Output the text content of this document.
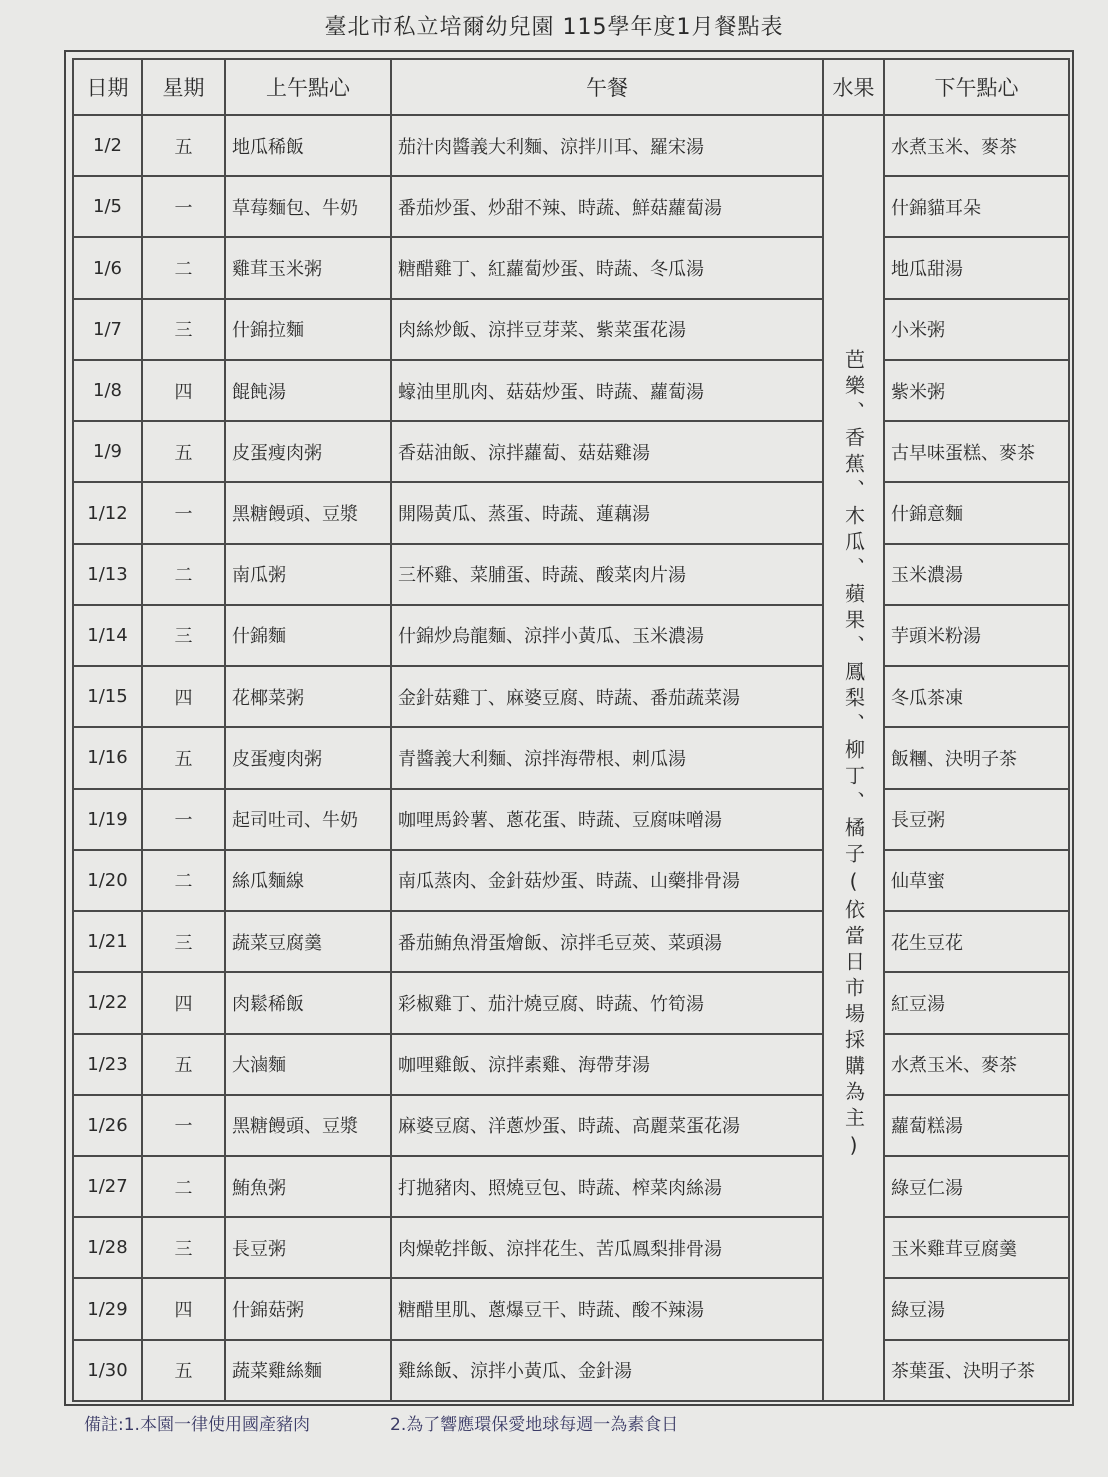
臺北市私立培爾幼兒園 115學年度1月餐點表
日期	星期	上午點心	午餐	水果	下午點心
1/2	五	地瓜稀飯	茄汁肉醬義大利麵、涼拌川耳、羅宋湯	芭樂、香蕉、木瓜、蘋果、鳳梨、柳丁、橘子(依當日市場採購為主)	水煮玉米、麥茶
1/5	一	草莓麵包、牛奶	番茄炒蛋、炒甜不辣、時蔬、鮮菇蘿蔔湯		什錦貓耳朵
1/6	二	雞茸玉米粥	糖醋雞丁、紅蘿蔔炒蛋、時蔬、冬瓜湯		地瓜甜湯
1/7	三	什錦拉麵	肉絲炒飯、涼拌豆芽菜、紫菜蛋花湯		小米粥
1/8	四	餛飩湯	蠔油里肌肉、菇菇炒蛋、時蔬、蘿蔔湯		紫米粥
1/9	五	皮蛋瘦肉粥	香菇油飯、涼拌蘿蔔、菇菇雞湯		古早味蛋糕、麥茶
1/12	一	黑糖饅頭、豆漿	開陽黃瓜、蒸蛋、時蔬、蓮藕湯		什錦意麵
1/13	二	南瓜粥	三杯雞、菜脯蛋、時蔬、酸菜肉片湯		玉米濃湯
1/14	三	什錦麵	什錦炒烏龍麵、涼拌小黃瓜、玉米濃湯		芋頭米粉湯
1/15	四	花椰菜粥	金針菇雞丁、麻婆豆腐、時蔬、番茄蔬菜湯		冬瓜茶凍
1/16	五	皮蛋瘦肉粥	青醬義大利麵、涼拌海帶根、刺瓜湯		飯糰、決明子茶
1/19	一	起司吐司、牛奶	咖哩馬鈴薯、蔥花蛋、時蔬、豆腐味噌湯		長豆粥
1/20	二	絲瓜麵線	南瓜蒸肉、金針菇炒蛋、時蔬、山藥排骨湯		仙草蜜
1/21	三	蔬菜豆腐羹	番茄鮪魚滑蛋燴飯、涼拌毛豆莢、菜頭湯		花生豆花
1/22	四	肉鬆稀飯	彩椒雞丁、茄汁燒豆腐、時蔬、竹筍湯		紅豆湯
1/23	五	大滷麵	咖哩雞飯、涼拌素雞、海帶芽湯		水煮玉米、麥茶
1/26	一	黑糖饅頭、豆漿	麻婆豆腐、洋蔥炒蛋、時蔬、高麗菜蛋花湯		蘿蔔糕湯
1/27	二	鮪魚粥	打拋豬肉、照燒豆包、時蔬、榨菜肉絲湯		綠豆仁湯
1/28	三	長豆粥	肉燥乾拌飯、涼拌花生、苦瓜鳳梨排骨湯		玉米雞茸豆腐羹
1/29	四	什錦菇粥	糖醋里肌、蔥爆豆干、時蔬、酸不辣湯		綠豆湯
1/30	五	蔬菜雞絲麵	雞絲飯、涼拌小黃瓜、金針湯		茶葉蛋、決明子茶
備註:1.本園一律使用國產豬肉	2.為了響應環保愛地球每週一為素食日
